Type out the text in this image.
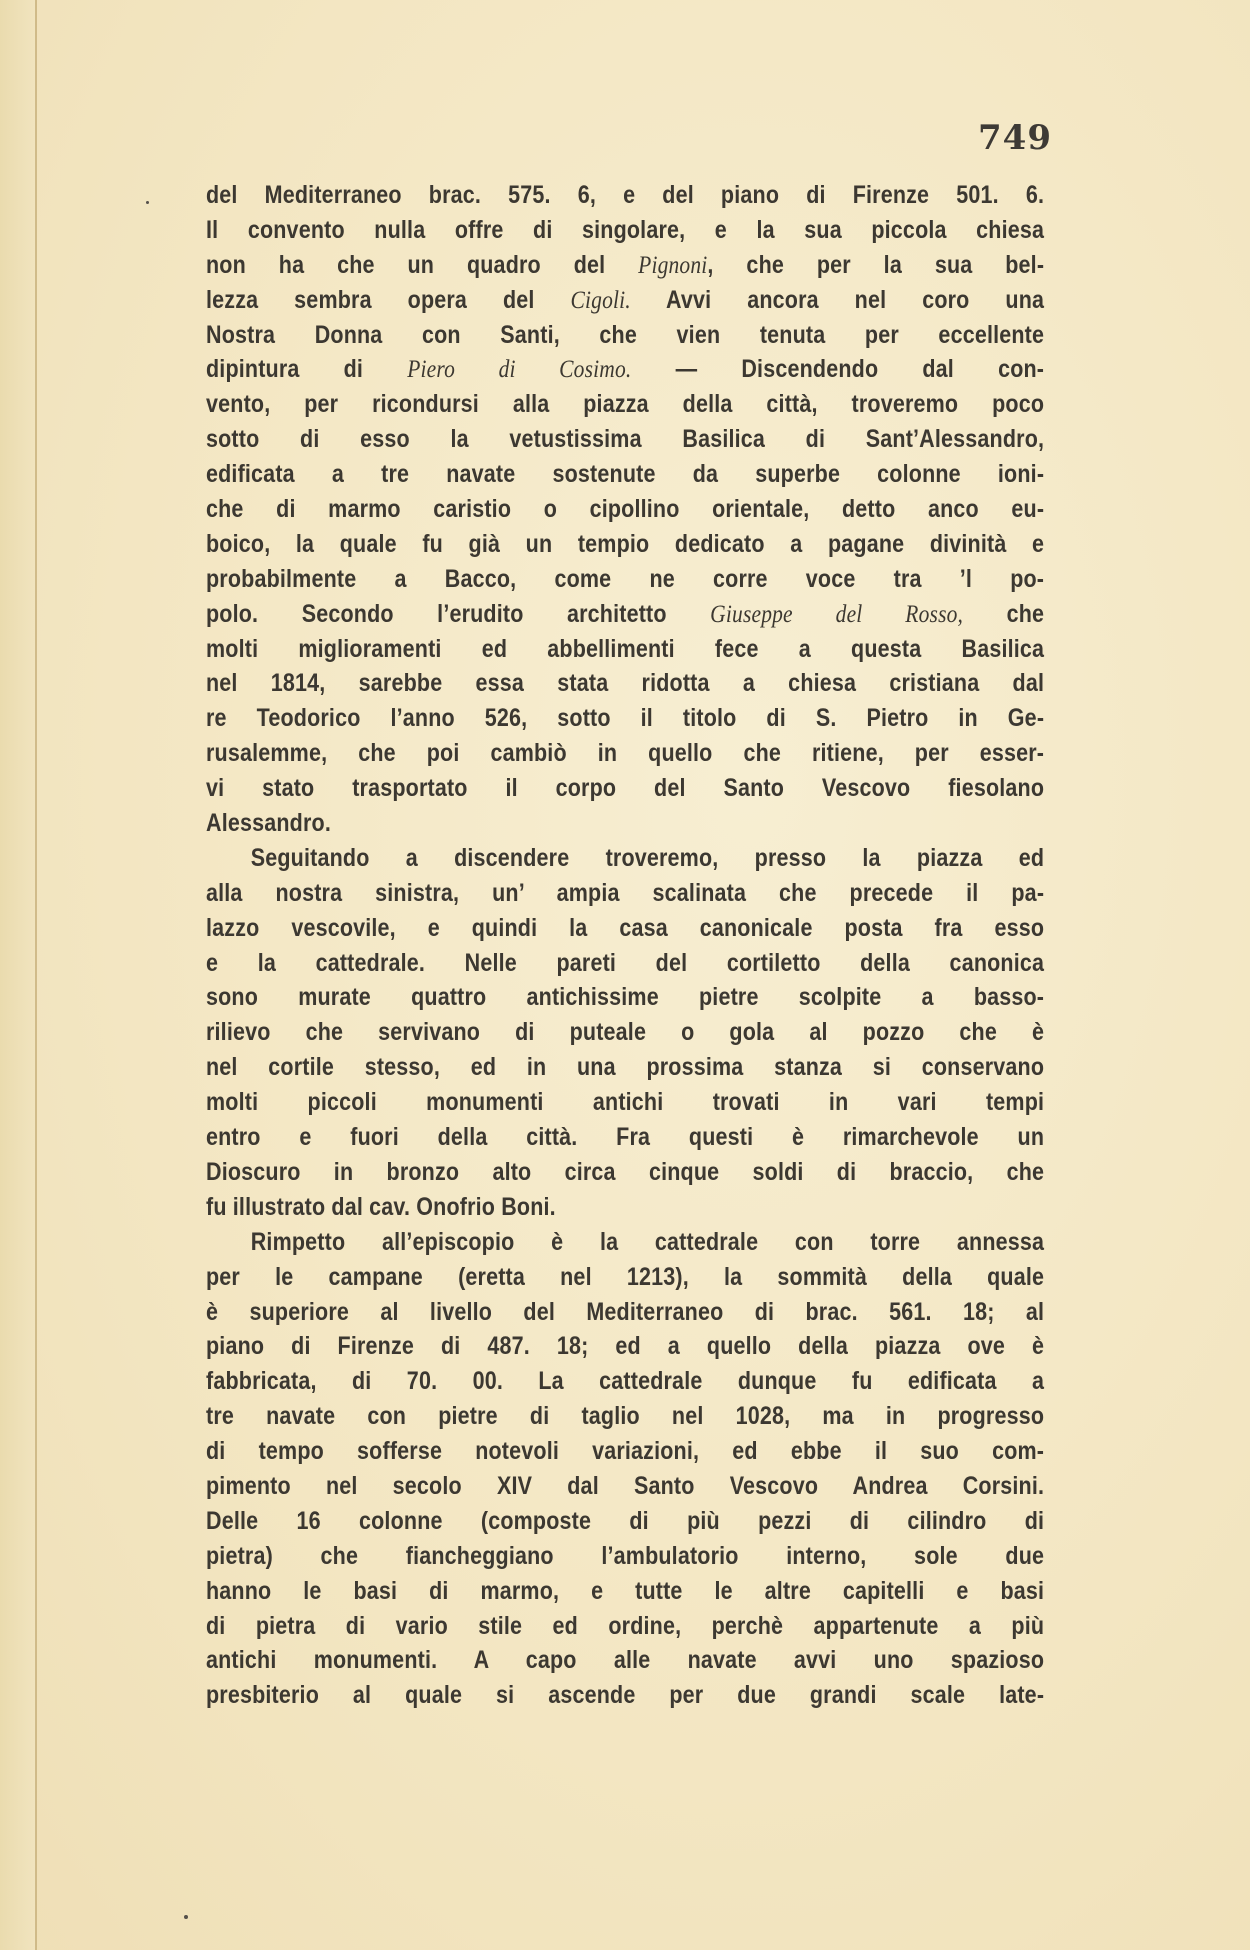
749
del Mediterraneo brac. 575. 6, e del piano di Firenze 501. 6.
Il convento nulla offre di singolare, e la sua piccola chiesa
non ha che un quadro del Pignoni, che per la sua bel-
lezza sembra opera del Cigoli. Avvi ancora nel coro una
Nostra Donna con Santi, che vien tenuta per eccellente
dipintura di Piero di Cosimo. — Discendendo dal con-
vento, per ricondursi alla piazza della città, troveremo poco
sotto di esso la vetustissima Basilica di Sant’Alessandro,
edificata a tre navate sostenute da superbe colonne ioni-
che di marmo caristio o cipollino orientale, detto anco eu-
boico, la quale fu già un tempio dedicato a pagane divinità e
probabilmente a Bacco, come ne corre voce tra ’l po-
polo. Secondo l’erudito architetto Giuseppe del Rosso, che
molti miglioramenti ed abbellimenti fece a questa Basilica
nel 1814, sarebbe essa stata ridotta a chiesa cristiana dal
re Teodorico l’anno 526, sotto il titolo di S. Pietro in Ge-
rusalemme, che poi cambiò in quello che ritiene, per esser-
vi stato trasportato il corpo del Santo Vescovo fiesolano
Alessandro.
Seguitando a discendere troveremo, presso la piazza ed
alla nostra sinistra, un’ ampia scalinata che precede il pa-
lazzo vescovile, e quindi la casa canonicale posta fra esso
e la cattedrale. Nelle pareti del cortiletto della canonica
sono murate quattro antichissime pietre scolpite a basso-
rilievo che servivano di puteale o gola al pozzo che è
nel cortile stesso, ed in una prossima stanza si conservano
molti piccoli monumenti antichi trovati in vari tempi
entro e fuori della città. Fra questi è rimarchevole un
Dioscuro in bronzo alto circa cinque soldi di braccio, che
fu illustrato dal cav. Onofrio Boni.
Rimpetto all’episcopio è la cattedrale con torre annessa
per le campane (eretta nel 1213), la sommità della quale
è superiore al livello del Mediterraneo di brac. 561. 18; al
piano di Firenze di 487. 18; ed a quello della piazza ove è
fabbricata, di 70. 00. La cattedrale dunque fu edificata a
tre navate con pietre di taglio nel 1028, ma in progresso
di tempo sofferse notevoli variazioni, ed ebbe il suo com-
pimento nel secolo XIV dal Santo Vescovo Andrea Corsini.
Delle 16 colonne (composte di più pezzi di cilindro di
pietra) che fiancheggiano l’ambulatorio interno, sole due
hanno le basi di marmo, e tutte le altre capitelli e basi
di pietra di vario stile ed ordine, perchè appartenute a più
antichi monumenti. A capo alle navate avvi uno spazioso
presbiterio al quale si ascende per due grandi scale late-
